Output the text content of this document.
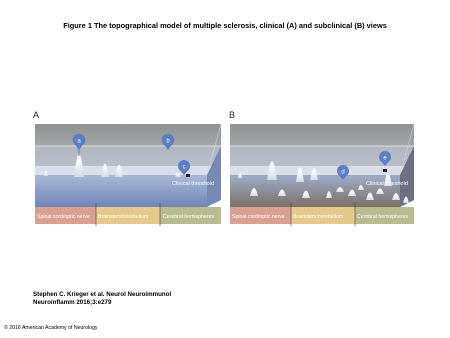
Figure 1 The topographical model of multiple sclerosis, clinical (A) and subclinical (B) views
A	B
a	b
c
Clinical threshold
Spinal cord/optic nerve Brainstem/cerebellum	Cerebral hemispheres
d
e
Clinical threshold
Spinal cord/optic nerve Brainstem/cerebellum	Cerebral hemispheres
Stephen C. Krieger et al. Neurol Neuroimmunol
Neuroinflamm 2016;3:e279
© 2016 American Academy of Neurology
